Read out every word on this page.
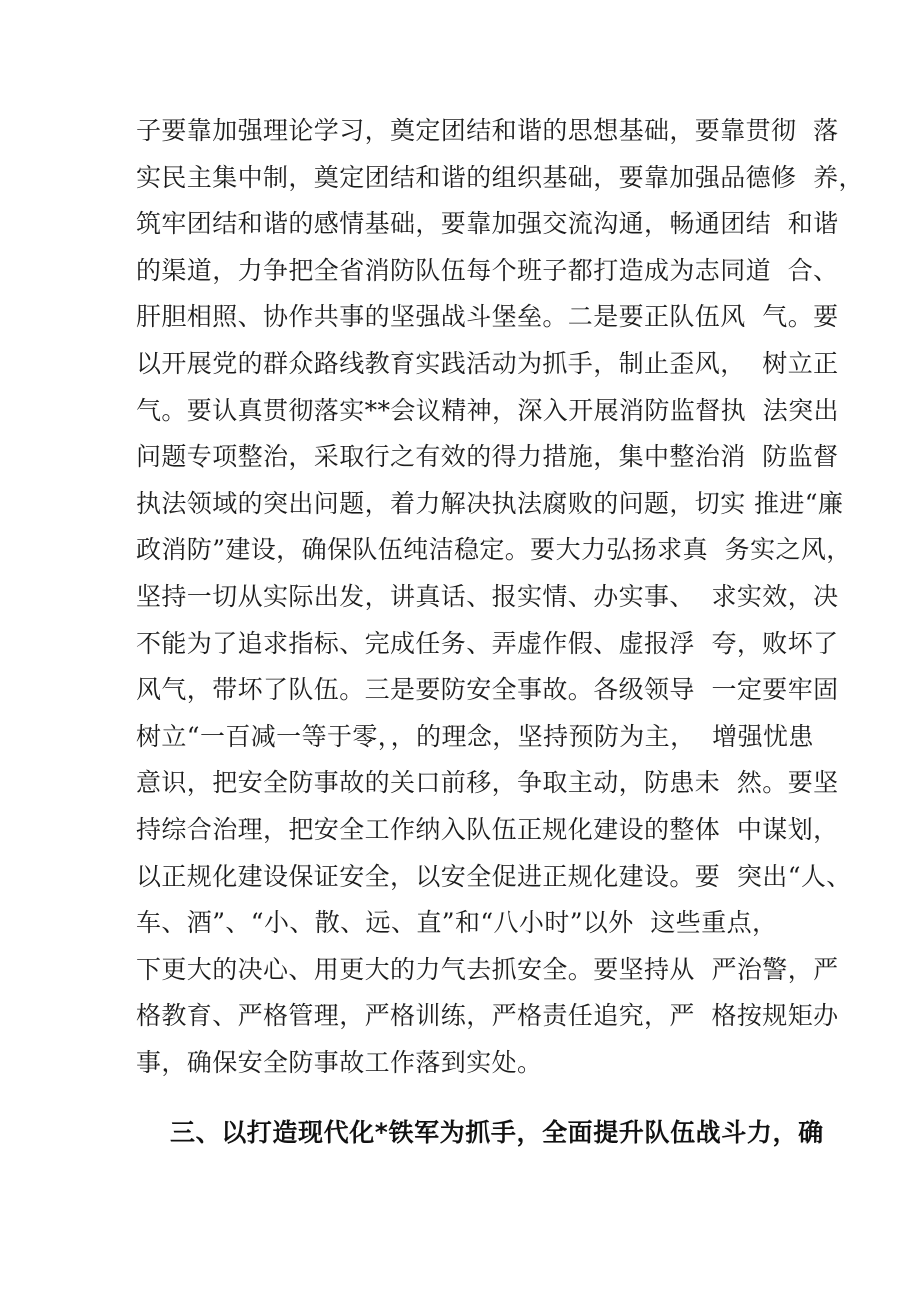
子要靠加强理论学习，奠定团结和谐的思想基础，要靠贯彻  落
实民主集中制，奠定团结和谐的组织基础，要靠加强品德修  养，
筑牢团结和谐的感情基础，要靠加强交流沟通，畅通团结  和谐
的渠道，力争把全省消防队伍每个班子都打造成为志同道  合、
肝胆相照、协作共事的坚强战斗堡垒。二是要正队伍风  气。要
以开展党的群众路线教育实践活动为抓手，制止歪风，  树立正
气。要认真贯彻落实**会议精神，深入开展消防监督执  法突出
问题专项整治，采取行之有效的得力措施，集中整治消  防监督
执法领域的突出问题，着力解决执法腐败的问题，切实 推进“廉
政消防”建设，确保队伍纯洁稳定。要大力弘扬求真  务实之风，
坚持一切从实际出发，讲真话、报实情、办实事、  求实效，决
不能为了追求指标、完成任务、弄虚作假、虚报浮  夸，败坏了
风气，带坏了队伍。三是要防安全事故。各级领导  一定要牢固
树立“一百减一等于零，，的理念，坚持预防为主，  增强忧患
意识，把安全防事故的关口前移，争取主动，防患未  然。要坚
持综合治理，把安全工作纳入队伍正规化建设的整体  中谋划，
以正规化建设保证安全，以安全促进正规化建设。要  突出“人、
车、酒”、“小、散、远、直”和“八小时”以外  这些重点，
下更大的决心、用更大的力气去抓安全。要坚持从  严治警，严
格教育、严格管理，严格训练，严格责任追究，严  格按规矩办
事，确保安全防事故工作落到实处。
三、以打造现代化*铁军为抓手，全面提升队伍战斗力，确
